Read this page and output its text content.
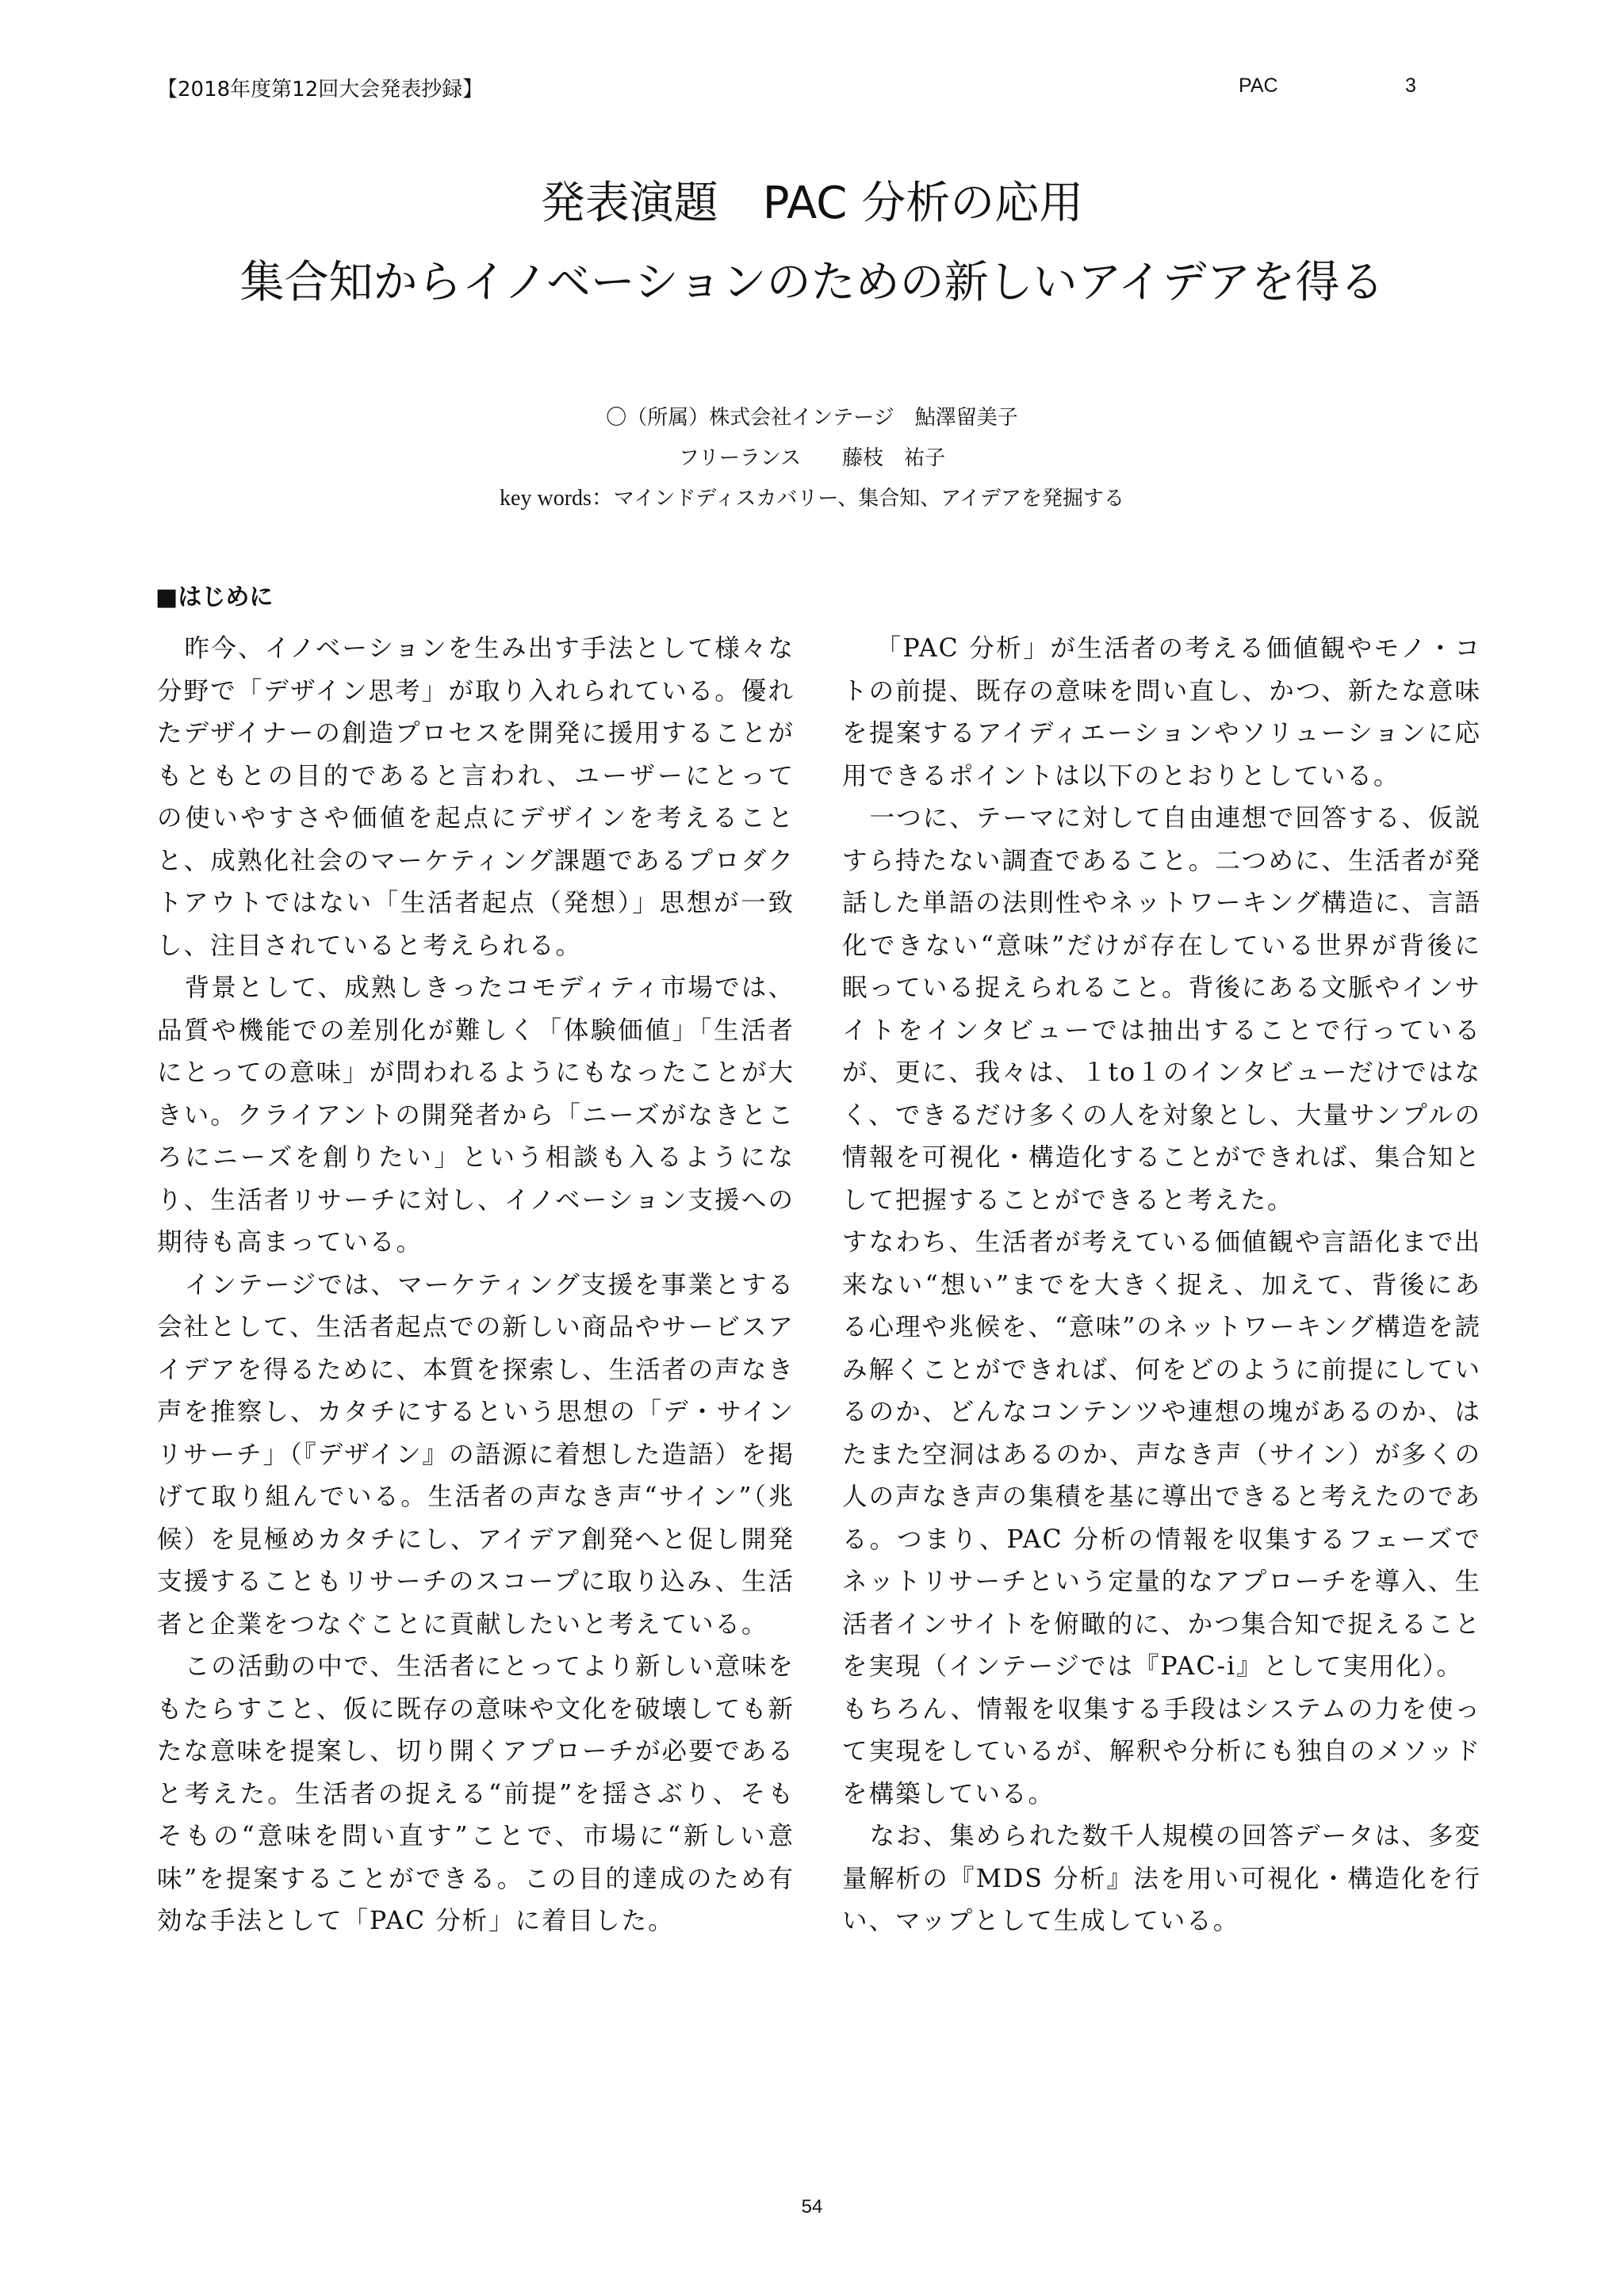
【2018年度第12回大会発表抄録】	PAC	3
発表演題　PAC 分析の応用
集合知からイノベーションのための新しいアイデアを得る
〇（所属）株式会社インテージ　鮎澤留美子
フリーランス　　藤枝　祐子
key words：マインドディスカバリー、集合知、アイデアを発掘する
■はじめに

昨今、イノベーションを生み出す手法として様々な分野で「デザイン思考」が取り入れられている。優れたデザイナーの創造プロセスを開発に援用することがもともとの目的であると言われ、ユーザーにとっての使いやすさや価値を起点にデザインを考えることと、成熟化社会のマーケティング課題であるプロダクトアウトではない「生活者起点（発想）」思想が一致し、注目されていると考えられる。

背景として、成熟しきったコモディティ市場では、品質や機能での差別化が難しく「体験価値」「生活者にとっての意味」が問われるようにもなったことが大きい。クライアントの開発者から「ニーズがなきところにニーズを創りたい」という相談も入るようになり、生活者リサーチに対し、イノベーション支援への期待も高まっている。

インテージでは、マーケティング支援を事業とする会社として、生活者起点での新しい商品やサービスアイデアを得るために、本質を探索し、生活者の声なき声を推察し、カタチにするという思想の「デ・サインリサーチ」（『デザイン』の語源に着想した造語）を掲げて取り組んでいる。生活者の声なき声“サイン”（兆候）を見極めカタチにし、アイデア創発へと促し開発支援することもリサーチのスコープに取り込み、生活者と企業をつなぐことに貢献したいと考えている。

この活動の中で、生活者にとってより新しい意味をもたらすこと、仮に既存の意味や文化を破壊しても新たな意味を提案し、切り開くアプローチが必要であると考えた。生活者の捉える“前提”を揺さぶり、そもそもの“意味を問い直す”ことで、市場に“新しい意味”を提案することができる。この目的達成のため有効な手法として「PAC 分析」に着目した。

「PAC 分析」が生活者の考える価値観やモノ・コトの前提、既存の意味を問い直し、かつ、新たな意味を提案するアイディエーションやソリューションに応用できるポイントは以下のとおりとしている。

一つに、テーマに対して自由連想で回答する、仮説すら持たない調査であること。二つめに、生活者が発話した単語の法則性やネットワーキング構造に、言語化できない“意味”だけが存在している世界が背後に眠っている捉えられること。背後にある文脈やインサイトをインタビューでは抽出することで行っているが、更に、我々は、１to１のインタビューだけではなく、できるだけ多くの人を対象とし、大量サンプルの情報を可視化・構造化することができれば、集合知として把握することができると考えた。

すなわち、生活者が考えている価値観や言語化まで出来ない“想い”までを大きく捉え、加えて、背後にある心理や兆候を、“意味”のネットワーキング構造を読み解くことができれば、何をどのように前提にしているのか、どんなコンテンツや連想の塊があるのか、はたまた空洞はあるのか、声なき声（サイン）が多くの人の声なき声の集積を基に導出できると考えたのである。つまり、PAC 分析の情報を収集するフェーズでネットリサーチという定量的なアプローチを導入、生活者インサイトを俯瞰的に、かつ集合知で捉えることを実現（インテージでは『PAC-i』として実用化）。

もちろん、情報を収集する手段はシステムの力を使って実現をしているが、解釈や分析にも独自のメソッドを構築している。

なお、集められた数千人規模の回答データは、多変量解析の『MDS 分析』法を用い可視化・構造化を行い、マップとして生成している。

54
